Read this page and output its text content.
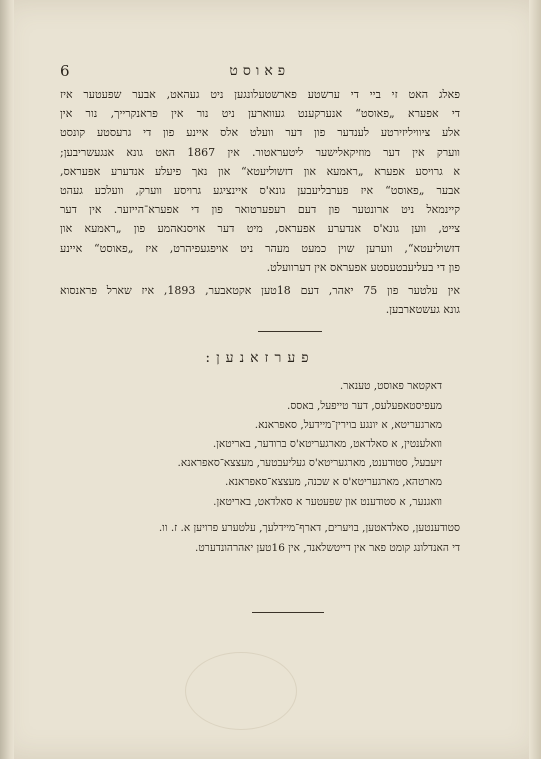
6	פאוסט
פאלג האט זי ביי די ערשטע פארשטעלונגען ניט געהאט, אבער שפעטער איז
די אפערא „פאוסט“ אנערקענט געווארען ניט נור אין פראנקרייך, נור אין
אלע ציוויליזירטע לענדער פון דער וועלט אלס איינע פון די גרעסטע קונסט
ווערק אין דער מוזיקאלישער ליטעראטור. אין 1867 האט גונא אנגעשריבען;
א גרויסע אפערא „ראמעא און דזשוליעטא“ און נאך פיעלע אנדערע אפעראס,
אבער „פאוסט“ איז פערבליעבען גונא'ס איינציגע גרויסע ווערק, וועלכע געהט
קיינמאל ניט ארונטער פון דעם רעפערטואר פון די אפערא־הייזער. אין דער
צייט, ווען גונא'ס אנדערע אפעראס, מיט דער אויסנאהמע פון „ראמעא און
דזשוליעטא“, ווערען שוין כמעט מעהר ניט אויפגעפיהרט, איז „פאוסט“ איינע
פון די בעליעבטעסטע אפעראס אין דערוועלט.
אין עלטער פון 75 יאהר, דעם 18טען אקטאבער, 1893, איז שארל פראנסוא
גונא געשטארבען.
פערזאנען:
דאקטאר פאוסט, טענאר.
מעפיסטאפעלעס, דער טייפעל, באסס.
מארגעריטא, א יונגע בוירין־מיידעל, סאפראנא.
וואלענטין, א סאלדאט, מארגעריטא'ס ברודער, באריטאן.
זיעבעל, סטודענט, מארגעריטא'ס געליעבטער, מעצצא־סאפראנא.
מארטהא, מארגעריטא'ס א שכנה, מעצצא־סאפראנא.
וואגנער, א סטודענט און שפעטער א סאלדאט, באריטאן.
סטודענטען, סאלדאטען, בויערים, דארף־מיידלעך, עלטערע פרויען א. ז. וו.
די האנדלונג קומט פאר אין דייטשלאנד, אין 16טען יאהרהונדערט.
